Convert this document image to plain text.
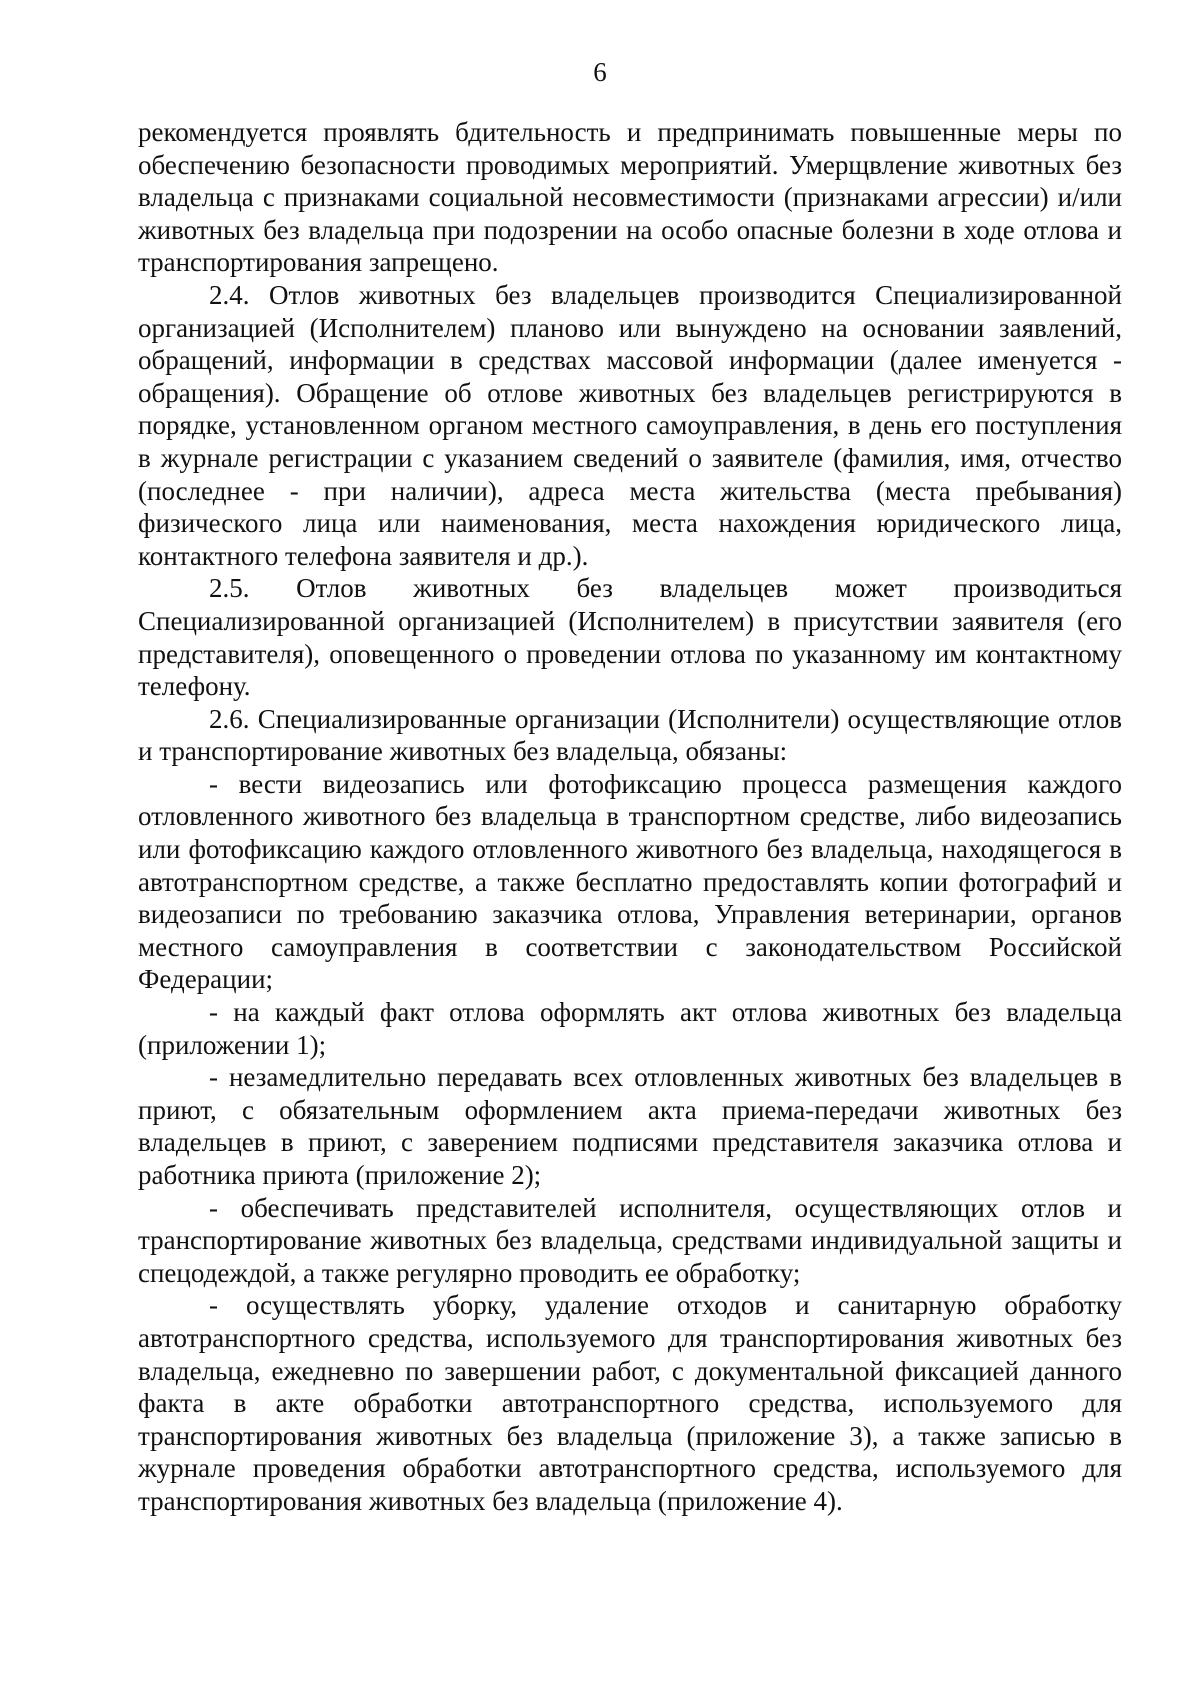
6

рекомендуется проявлять бдительность и предпринимать повышенные меры по обеспечению безопасности проводимых мероприятий. Умерщвление животных без владельца с признаками социальной несовместимости (признаками агрессии) и/или животных без владельца при подозрении на особо опасные болезни в ходе отлова и транспортирования запрещено.

2.4. Отлов животных без владельцев производится Специализированной организацией (Исполнителем) планово или вынуждено на основании заявлений, обращений, информации в средствах массовой информации (далее именуется - обращения). Обращение об отлове животных без владельцев регистрируются в порядке, установленном органом местного самоуправления, в день его поступления в журнале регистрации с указанием сведений о заявителе (фамилия, имя, отчество (последнее - при наличии), адреса места жительства (места пребывания) физического лица или наименования, места нахождения юридического лица, контактного телефона заявителя и др.).

2.5. Отлов животных без владельцев может производиться Специализированной организацией (Исполнителем) в присутствии заявителя (его представителя), оповещенного о проведении отлова по указанному им контактному телефону.

2.6. Специализированные организации (Исполнители) осуществляющие отлов и транспортирование животных без владельца, обязаны:

- вести видеозапись или фотофиксацию процесса размещения каждого отловленного животного без владельца в транспортном средстве, либо видеозапись или фотофиксацию каждого отловленного животного без владельца, находящегося в автотранспортном средстве, а также бесплатно предоставлять копии фотографий и видеозаписи по требованию заказчика отлова, Управления ветеринарии, органов местного самоуправления в соответствии с законодательством Российской Федерации;

- на каждый факт отлова оформлять акт отлова животных без владельца (приложении 1);

- незамедлительно передавать всех отловленных животных без владельцев в приют, с обязательным оформлением акта приема-передачи животных без владельцев в приют, с заверением подписями представителя заказчика отлова и работника приюта (приложение 2);

- обеспечивать представителей исполнителя, осуществляющих отлов и транспортирование животных без владельца, средствами индивидуальной защиты и спецодеждой, а также регулярно проводить ее обработку;

- осуществлять уборку, удаление отходов и санитарную обработку автотранспортного средства, используемого для транспортирования животных без владельца, ежедневно по завершении работ, с документальной фиксацией данного факта в акте обработки автотранспортного средства, используемого для транспортирования животных без владельца (приложение 3), а также записью в журнале проведения обработки автотранспортного средства, используемого для транспортирования животных без владельца (приложение 4).
